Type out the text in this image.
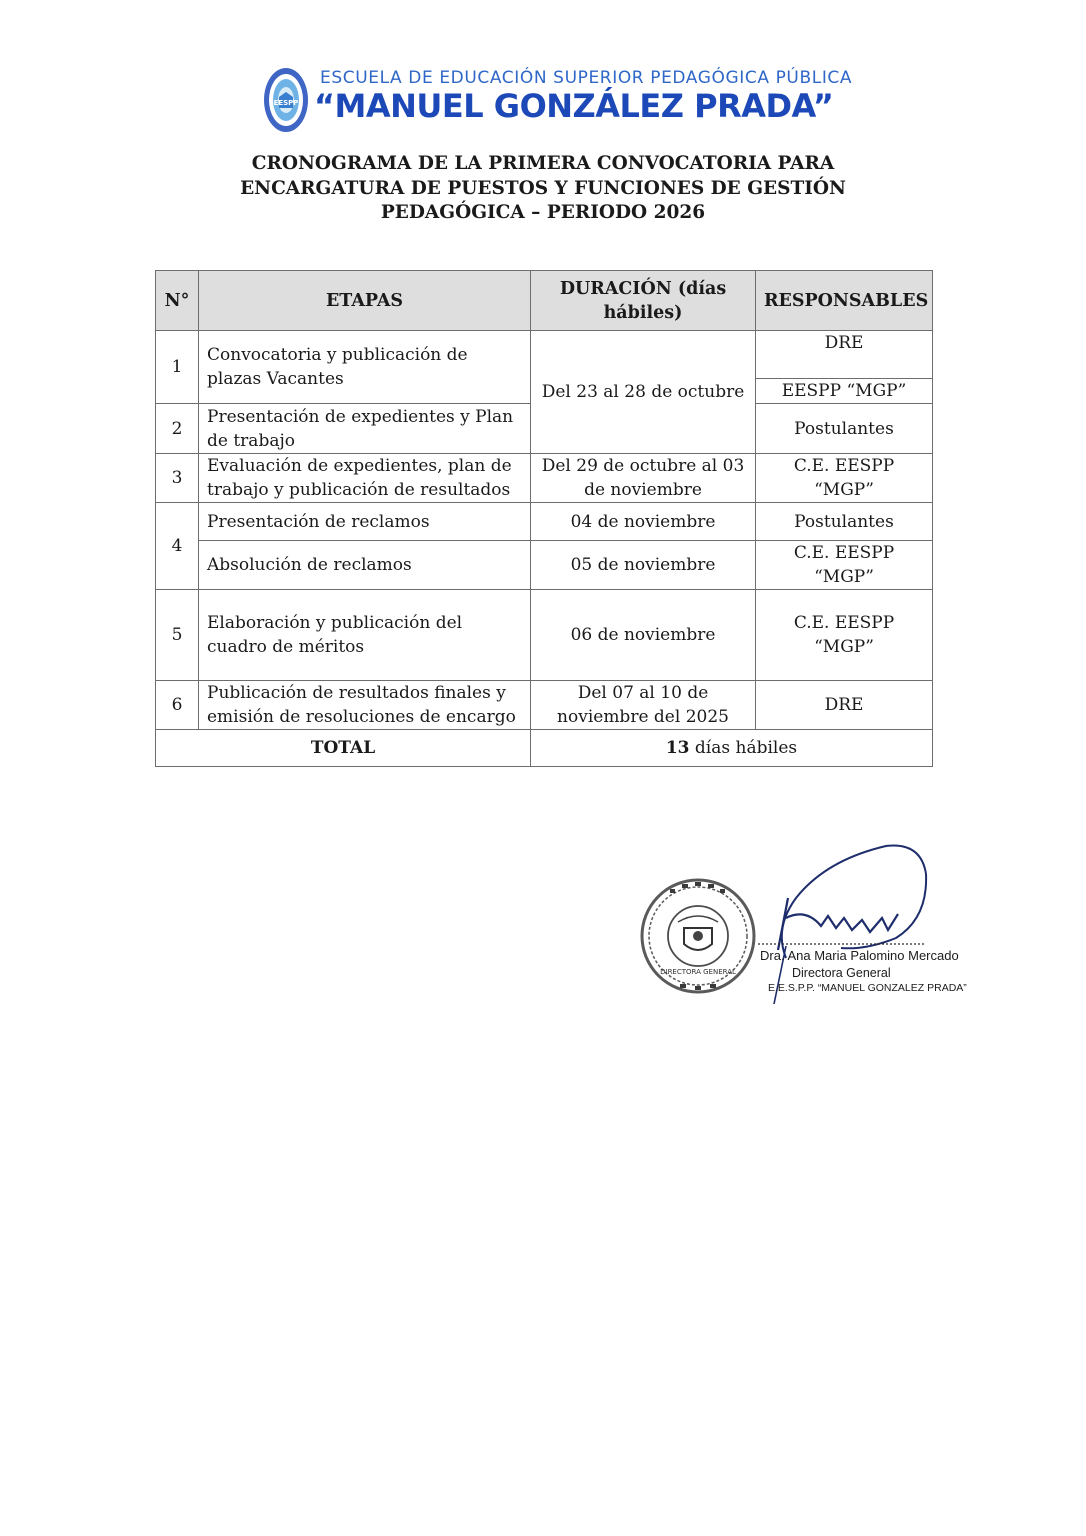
EESPP
ESCUELA DE EDUCACIÓN SUPERIOR PEDAGÓGICA PÚBLICA
“MANUEL GONZÁLEZ PRADA”
CRONOGRAMA DE LA PRIMERA CONVOCATORIA PARA
ENCARGATURA DE PUESTOS Y FUNCIONES DE GESTIÓN
PEDAGÓGICA – PERIODO 2026
N°	ETAPAS	DURACIÓN (días hábiles)	RESPONSABLES
1	Convocatoria y publicación de plazas Vacantes	Del 23 al 28 de octubre	DRE
			EESPP “MGP”
2	Presentación de expedientes y Plan de trabajo		Postulantes
3	Evaluación de expedientes, plan de trabajo y publicación de resultados	Del 29 de octubre al 03 de noviembre	C.E. EESPP “MGP”
4	Presentación de reclamos	04 de noviembre	Postulantes
	Absolución de reclamos	05 de noviembre	C.E. EESPP “MGP”
5	Elaboración y publicación del cuadro de méritos	06 de noviembre	C.E. EESPP “MGP”
6	Publicación de resultados finales y emisión de resoluciones de encargo	Del 07 al 10 de noviembre del 2025	DRE
TOTAL		13 días hábiles	
DIRECTORA GENERAL
Dra. Ana Maria Palomino Mercado
Directora General
E.E.S.P.P. “MANUEL GONZALEZ PRADA”
